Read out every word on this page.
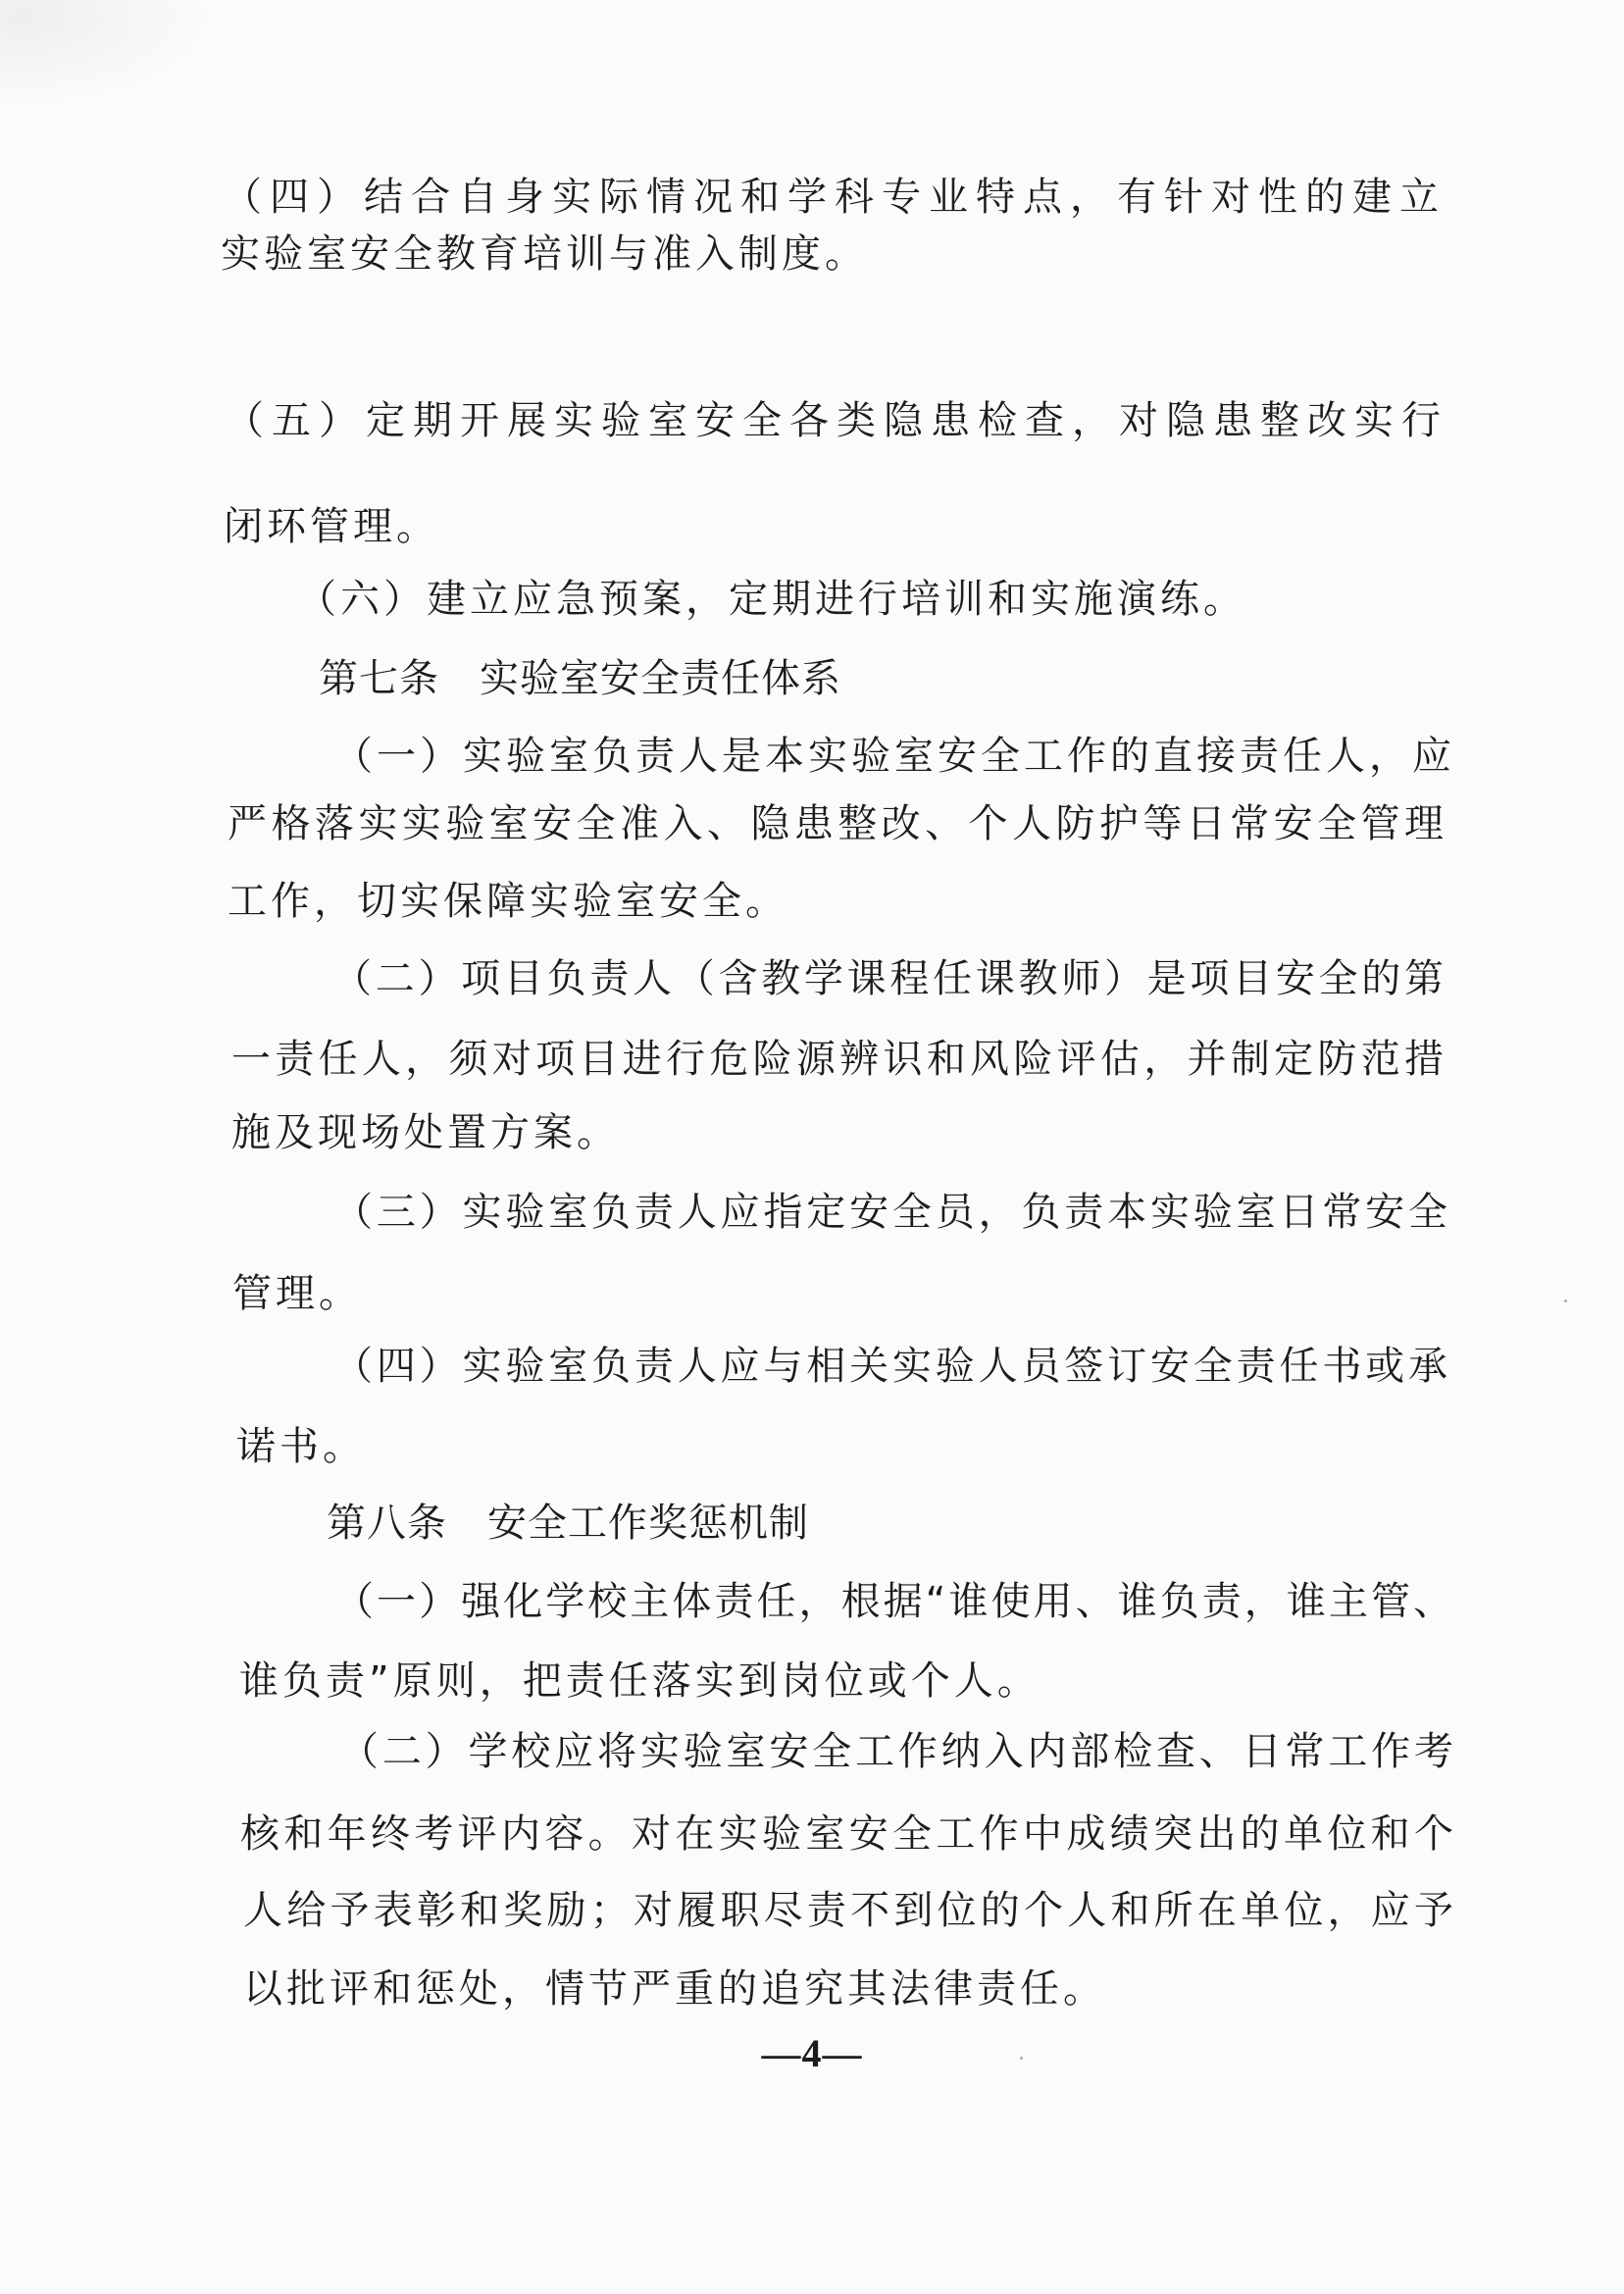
（四）结合自身实际情况和学科专业特点，有针对性的建立

实验室安全教育培训与准入制度。

（五）定期开展实验室安全各类隐患检查，对隐患整改实行

闭环管理。

（六）建立应急预案，定期进行培训和实施演练。

第七条　实验室安全责任体系

（一）实验室负责人是本实验室安全工作的直接责任人，应

严格落实实验室安全准入、隐患整改、个人防护等日常安全管理

工作，切实保障实验室安全。

（二）项目负责人（含教学课程任课教师）是项目安全的第

一责任人，须对项目进行危险源辨识和风险评估，并制定防范措

施及现场处置方案。

（三）实验室负责人应指定安全员，负责本实验室日常安全

管理。

（四）实验室负责人应与相关实验人员签订安全责任书或承

诺书。

第八条　安全工作奖惩机制

（一）强化学校主体责任，根据“谁使用、谁负责，谁主管、

谁负责”原则，把责任落实到岗位或个人。

（二）学校应将实验室安全工作纳入内部检查、日常工作考

核和年终考评内容。对在实验室安全工作中成绩突出的单位和个

人给予表彰和奖励；对履职尽责不到位的个人和所在单位，应予

以批评和惩处，情节严重的追究其法律责任。

—4—
